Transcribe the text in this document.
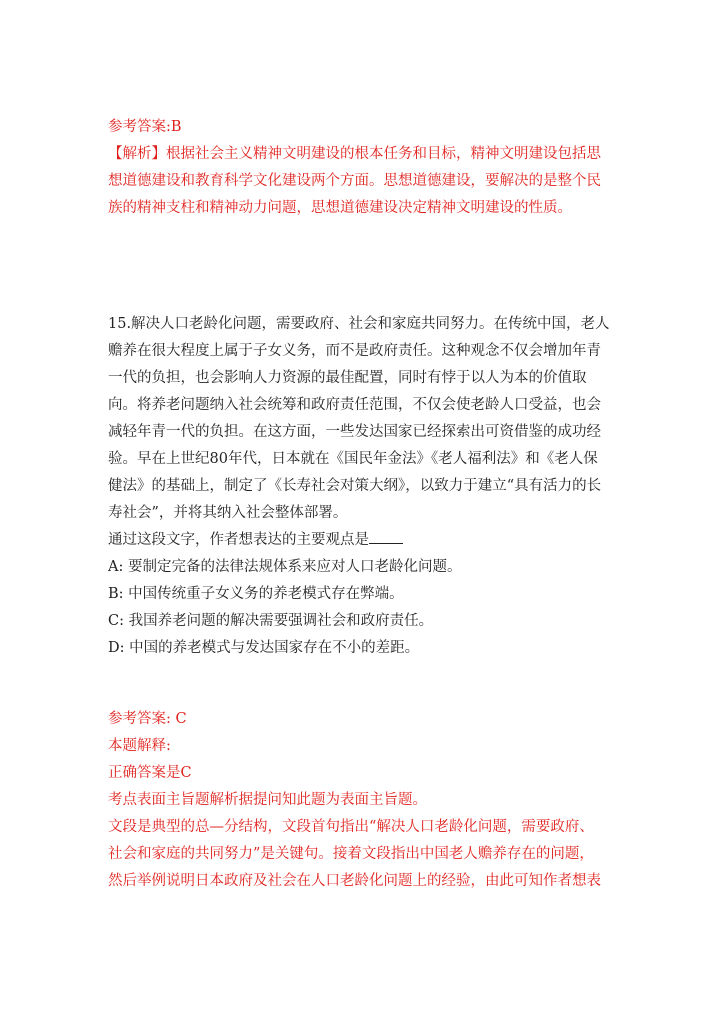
参考答案:B
【解析】根据社会主义精神文明建设的根本任务和目标，精神文明建设包括思
想道德建设和教育科学文化建设两个方面。思想道德建设，要解决的是整个民
族的精神支柱和精神动力问题，思想道德建设决定精神文明建设的性质。
15.解决人口老龄化问题，需要政府、社会和家庭共同努力。在传统中国，老人
赡养在很大程度上属于子女义务，而不是政府责任。这种观念不仅会增加年青
一代的负担，也会影响人力资源的最佳配置，同时有悖于以人为本的价值取
向。将养老问题纳入社会统筹和政府责任范围，不仅会使老龄人口受益，也会
减轻年青一代的负担。在这方面，一些发达国家已经探索出可资借鉴的成功经
验。早在上世纪80年代，日本就在《国民年金法》《老人福利法》和《老人保
健法》的基础上，制定了《长寿社会对策大纲》，以致力于建立“具有活力的长
寿社会”，并将其纳入社会整体部署。
通过这段文字，作者想表达的主要观点是
A: 要制定完备的法律法规体系来应对人口老龄化问题。
B: 中国传统重子女义务的养老模式存在弊端。
C: 我国养老问题的解决需要强调社会和政府责任。
D: 中国的养老模式与发达国家存在不小的差距。
参考答案: C
本题解释:
正确答案是C
考点表面主旨题解析据提问知此题为表面主旨题。
文段是典型的总—分结构，文段首句指出“解决人口老龄化问题，需要政府、
社会和家庭的共同努力”是关键句。接着文段指出中国老人赡养存在的问题，
然后举例说明日本政府及社会在人口老龄化问题上的经验，由此可知作者想表
